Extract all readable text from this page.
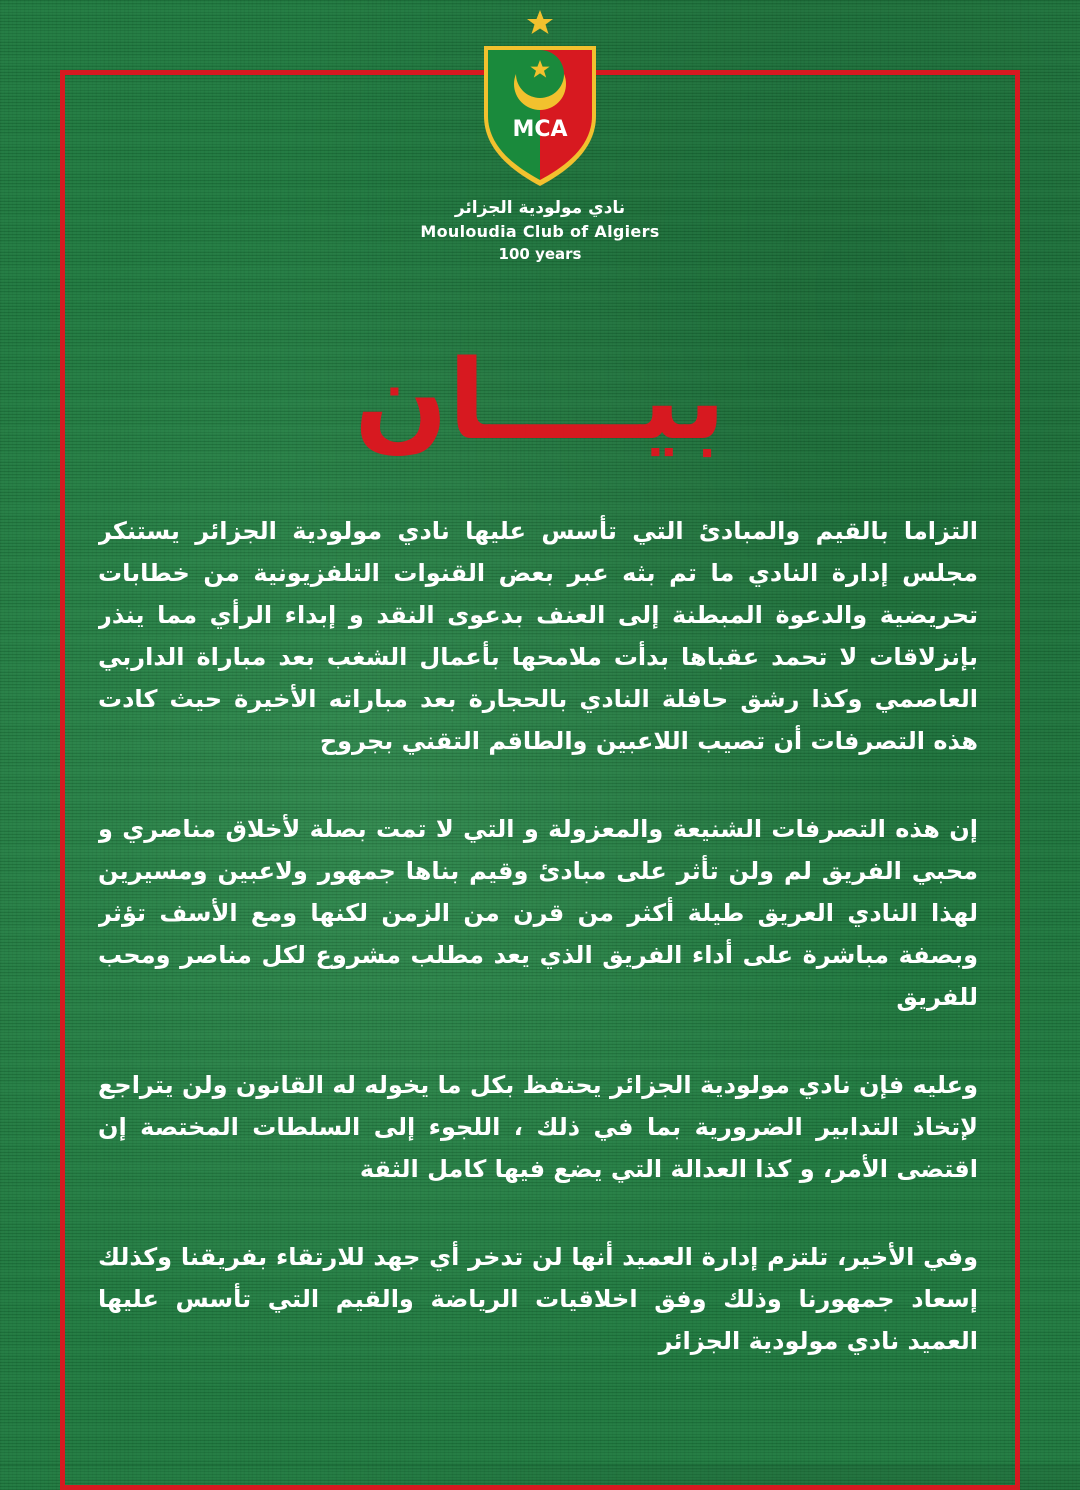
MCA
نادي مولودية الجزائر
Mouloudia Club of Algiers
100 years
بيــــان

التزاما بالقيم والمبادئ التي تأسس عليها نادي مولودية الجزائر يستنكر مجلس إدارة النادي ما تم بثه عبر بعض القنوات التلفزيونية من خطابات تحريضية والدعوة المبطنة إلى العنف بدعوى النقد و إبداء الرأي مما ينذر بإنزلاقات لا تحمد عقباها بدأت ملامحها بأعمال الشغب بعد مباراة الداربي العاصمي وكذا رشق حافلة النادي بالحجارة بعد مباراته الأخيرة حيث كادت هذه التصرفات أن تصيب اللاعبين والطاقم التقني بجروح

إن هذه التصرفات الشنيعة والمعزولة و التي لا تمت بصلة لأخلاق مناصري و محبي الفريق لم ولن تأثر على مبادئ وقيم بناها جمهور ولاعبين ومسيرين لهذا النادي العريق طيلة أكثر من قرن من الزمن لكنها ومع الأسف تؤثر وبصفة مباشرة على أداء الفريق الذي يعد مطلب مشروع لكل مناصر ومحب للفريق

وعليه فإن نادي مولودية الجزائر يحتفظ بكل ما يخوله له القانون ولن يتراجع لإتخاذ التدابير الضرورية بما في ذلك ، اللجوء إلى السلطات المختصة إن اقتضى الأمر، و كذا العدالة التي يضع فيها كامل الثقة

وفي الأخير، تلتزم إدارة العميد أنها لن تدخر أي جهد للارتقاء بفريقنا وكذلك إسعاد جمهورنا وذلك وفق اخلاقيات الرياضة والقيم التي تأسس عليها العميد نادي مولودية الجزائر
